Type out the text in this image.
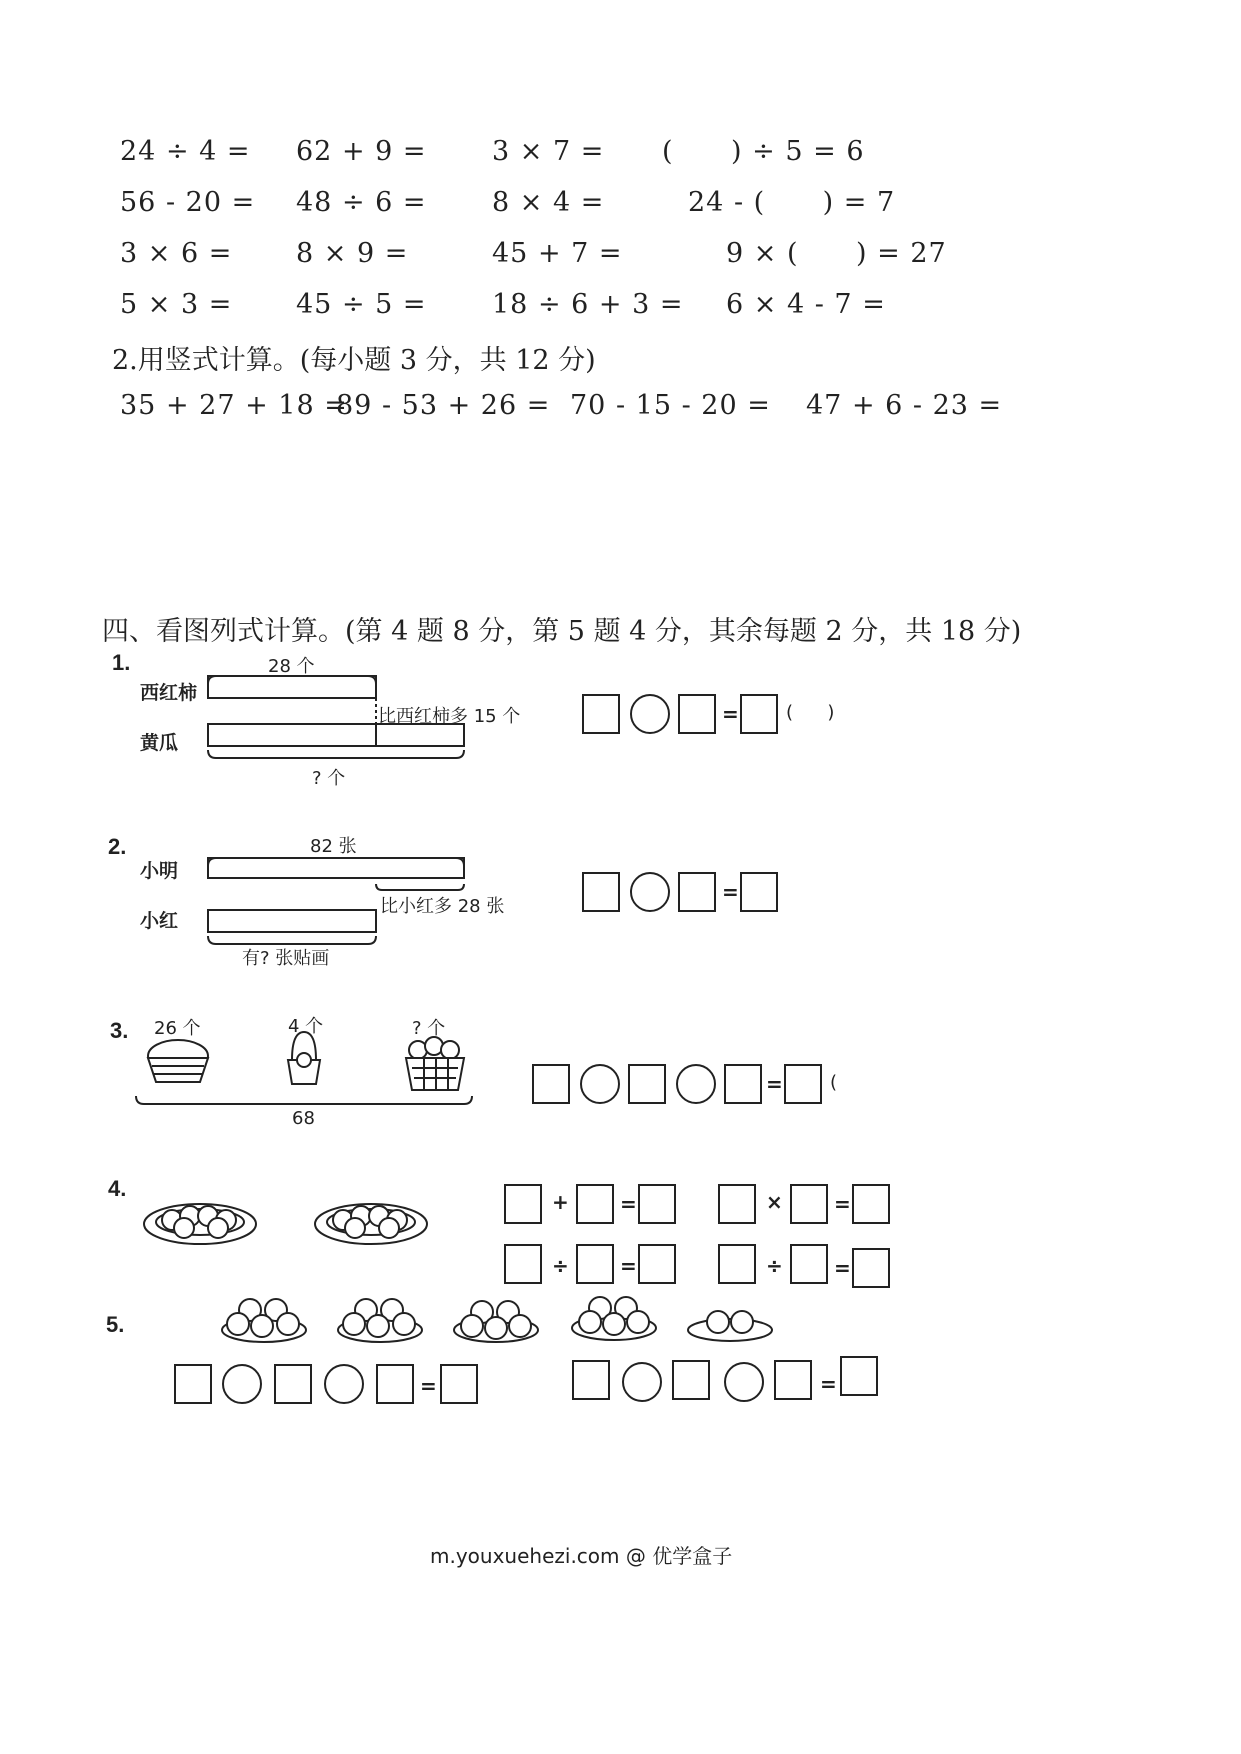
24 ÷ 4 = 62 + 9 = 3 × 7 = (      ) ÷ 5 = 6
56 - 20 = 48 ÷ 6 = 8 × 4 =	24 - (      ) = 7
3 × 6 = 8 × 9 =	45 + 7 =	9 × (      ) = 27
5 × 3 = 45 ÷ 5 = 18 ÷ 6 + 3 = 6 × 4 - 7 =
2.用竖式计算。(每小题 3 分，共 12 分)
35 + 27 + 18 =
89 - 53 + 26 = 70 - 15 - 20 = 47 + 6 - 23 =
四、看图列式计算。(第 4 题 8 分，第 5 题 4 分，其余每题 2 分，共 18 分)
1.	28 个
西红柿
黄瓜
比西红柿多 15 个
? 个
=	(      )
2.	82 张
小明
小红
比小红多 28 张
有? 张贴画
=
3. 26 个	4 个	? 个
68
=	(
4.
+	=	×	=
÷	=	÷	=
5.
=	=
m.youxuehezi.com @ 优学盒子
